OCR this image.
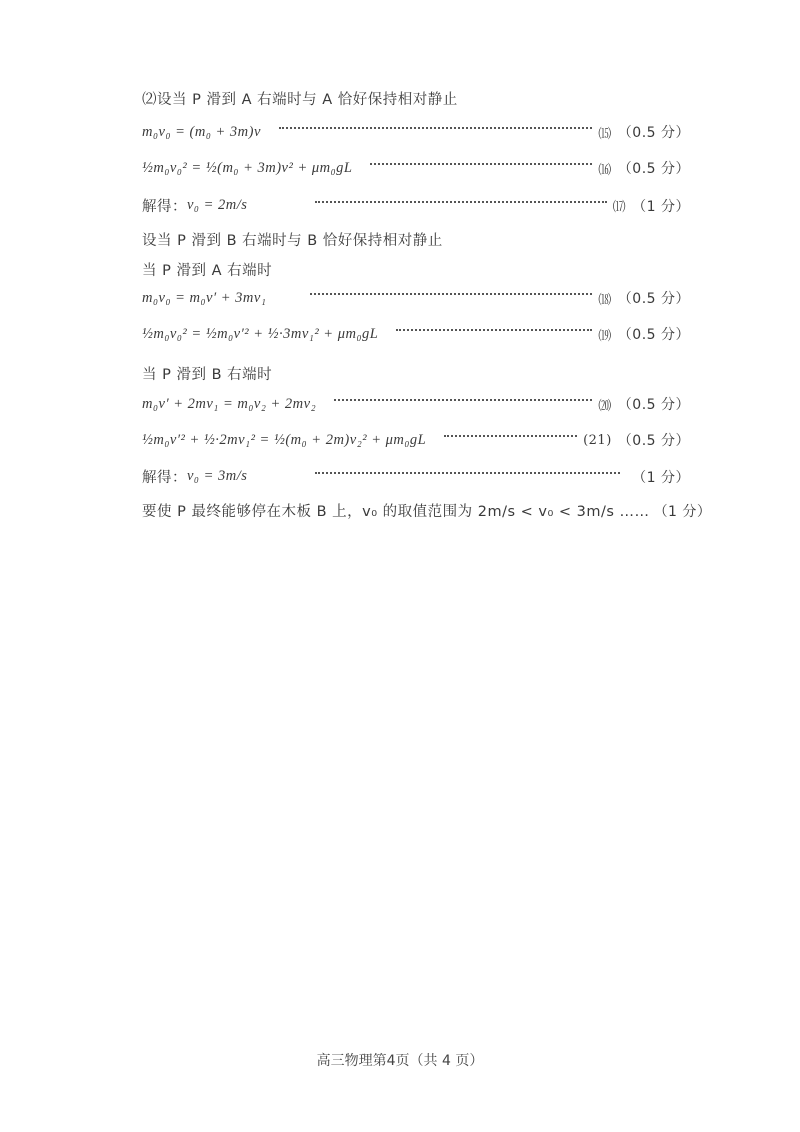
⑵设当 P 滑到 A 右端时与 A 恰好保持相对静止
m₀v₀ = (m₀ + 3m)v	⒂ （0.5 分）
½m₀v₀² = ½(m₀ + 3m)v² + μm₀gL	⒃ （0.5 分）
解得： v₀ = 2m/s	⒄ （1 分）
设当 P 滑到 B 右端时与 B 恰好保持相对静止
当 P 滑到 A 右端时
m₀v₀ = m₀v′ + 3mv₁	⒅ （0.5 分）
½m₀v₀² = ½m₀v′² + ½·3mv₁² + μm₀gL	⒆ （0.5 分）
当 P 滑到 B 右端时
m₀v′ + 2mv₁ = m₀v₂ + 2mv₂	⒇ （0.5 分）
½m₀v′² + ½·2mv₁² = ½(m₀ + 2m)v₂² + μm₀gL	(21) （0.5 分）
解得： v₀ = 3m/s	（1 分）
要使 P 最终能够停在木板 B 上，v₀ 的取值范围为 2m/s < v₀ < 3m/s …… （1 分）
高三物理第4页（共 4 页）
